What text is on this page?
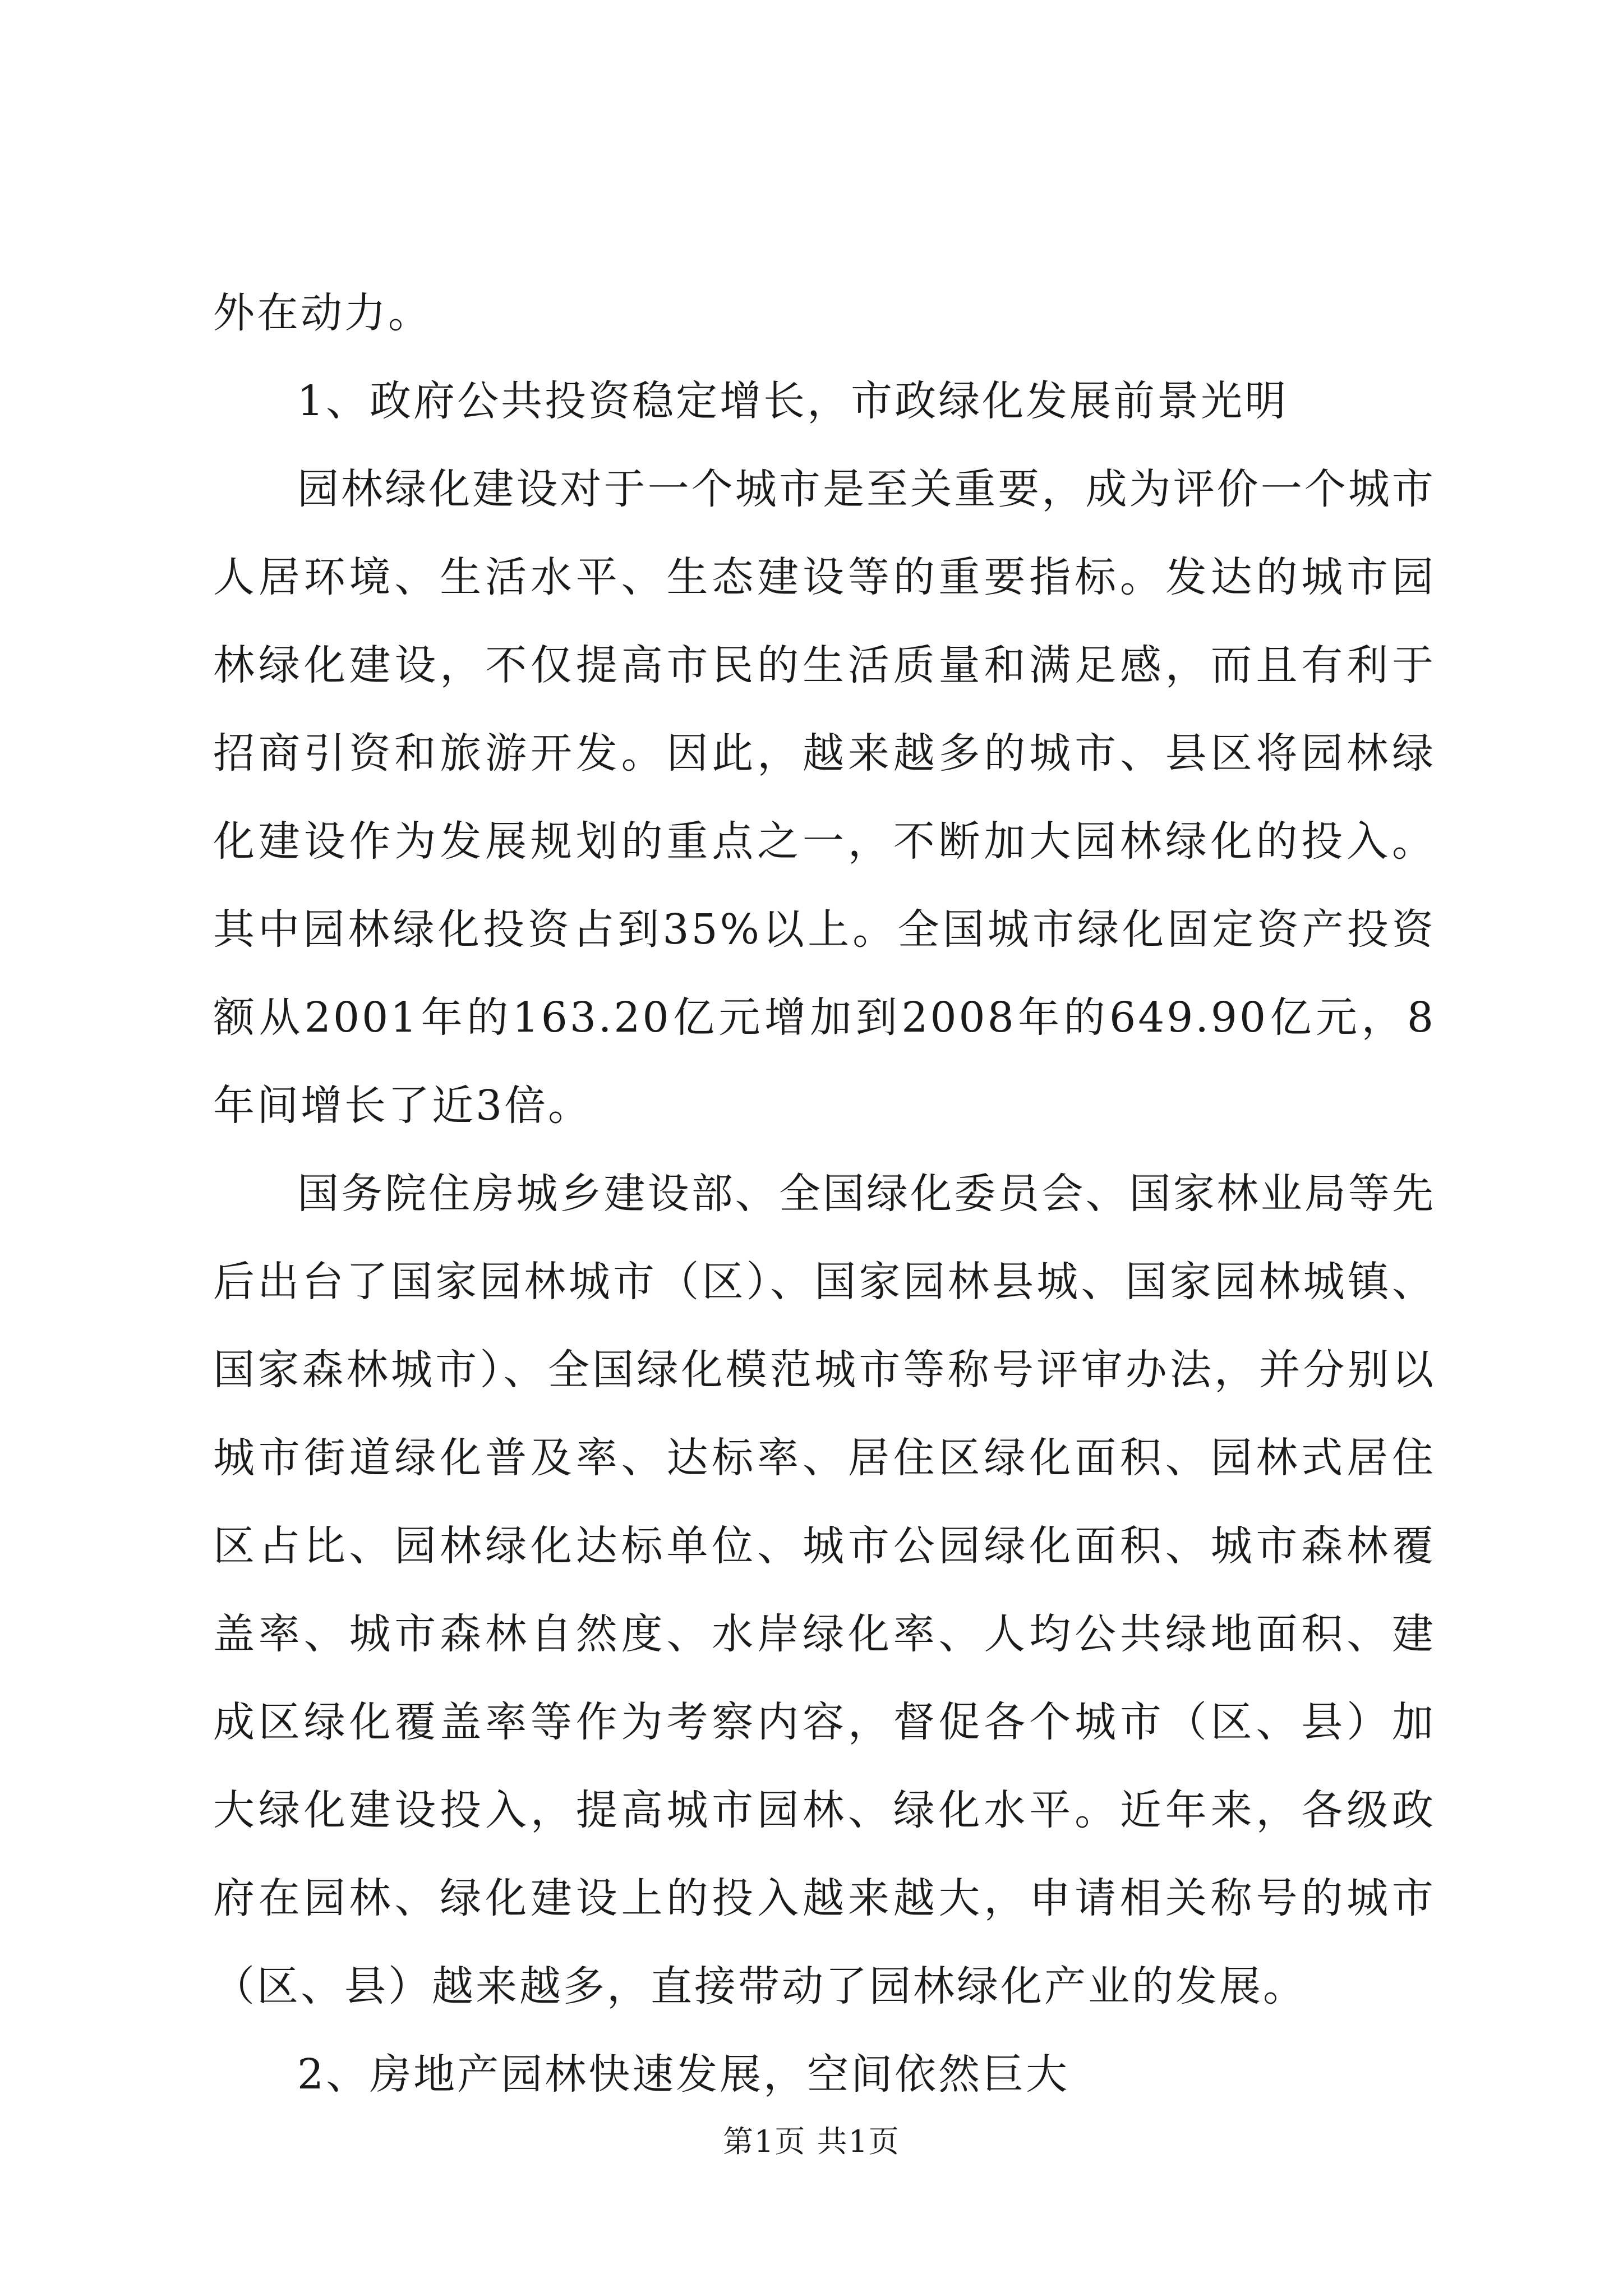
外在动力。

1、政府公共投资稳定增长，市政绿化发展前景光明

园林绿化建设对于一个城市是至关重要，成为评价一个城市人居环境、生活水平、生态建设等的重要指标。发达的城市园林绿化建设，不仅提高市民的生活质量和满足感，而且有利于招商引资和旅游开发。因此，越来越多的城市、县区将园林绿化建设作为发展规划的重点之一，不断加大园林绿化的投入。其中园林绿化投资占到35%以上。全国城市绿化固定资产投资额从2001年的163.20亿元增加到2008年的649.90亿元，8年间增长了近3倍。

国务院住房城乡建设部、全国绿化委员会、国家林业局等先后出台了国家园林城市（区）、国家园林县城、国家园林城镇、国家森林城市）、全国绿化模范城市等称号评审办法，并分别以城市街道绿化普及率、达标率、居住区绿化面积、园林式居住区占比、园林绿化达标单位、城市公园绿化面积、城市森林覆盖率、城市森林自然度、水岸绿化率、人均公共绿地面积、建成区绿化覆盖率等作为考察内容，督促各个城市（区、县）加大绿化建设投入，提高城市园林、绿化水平。近年来，各级政府在园林、绿化建设上的投入越来越大，申请相关称号的城市（区、县）越来越多，直接带动了园林绿化产业的发展。

2、房地产园林快速发展，空间依然巨大

第1页 共1页
